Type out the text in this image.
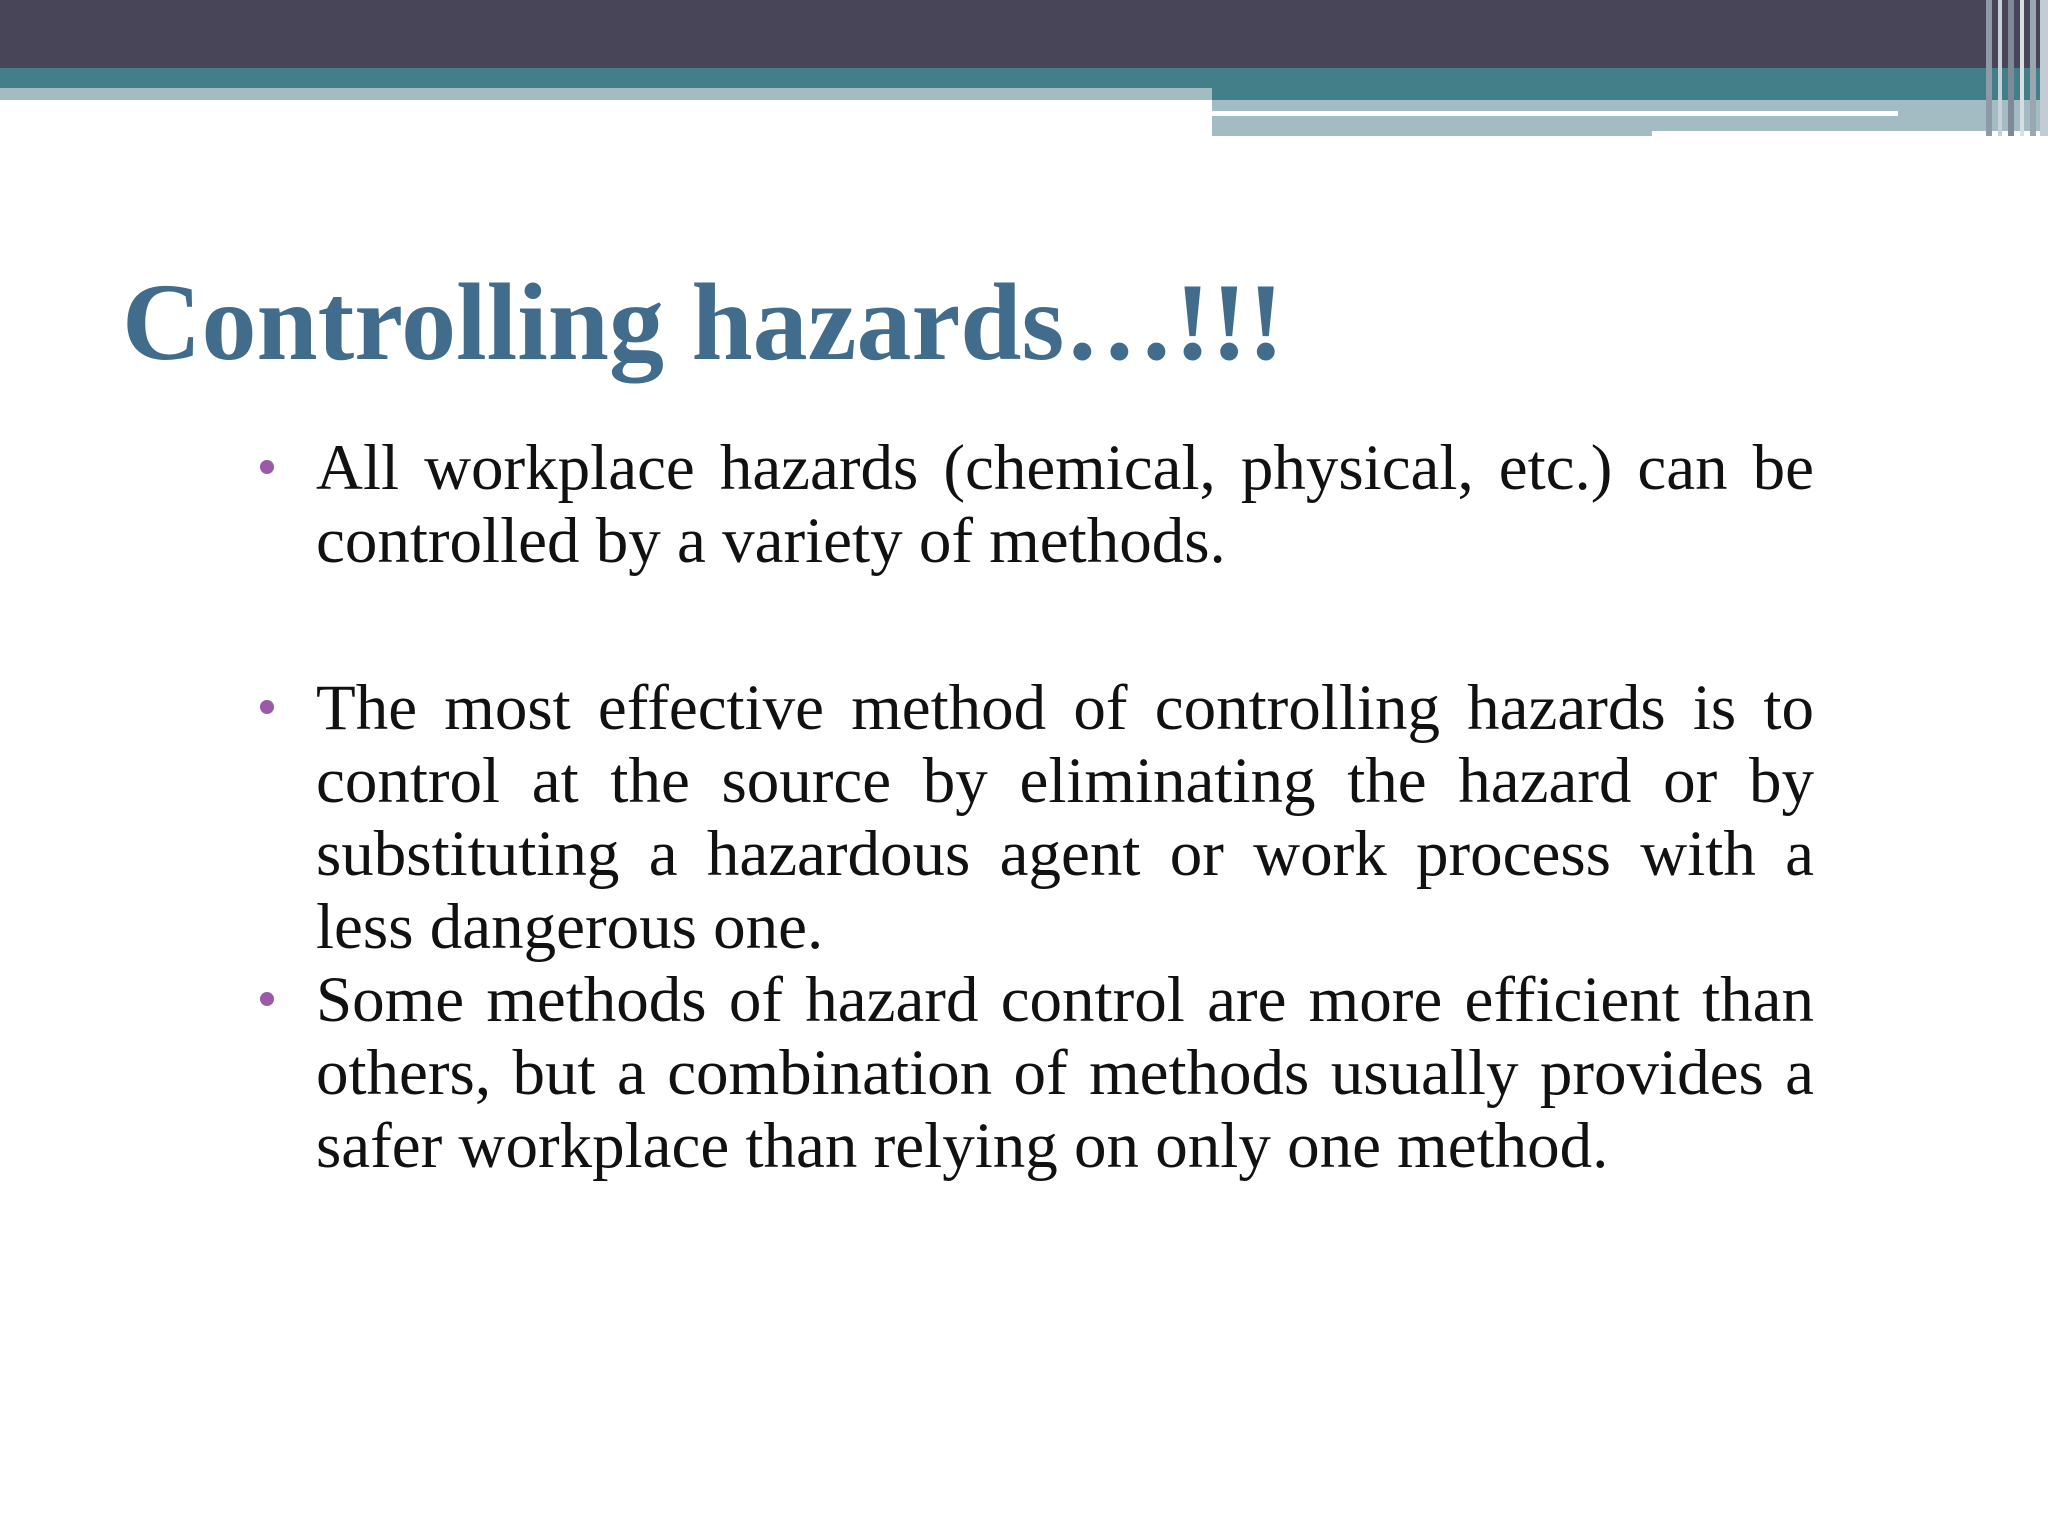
Controlling hazards…!!!
All workplace hazards (chemical, physical, etc.) can be controlled by a variety of methods.
The most effective method of controlling hazards is to control at the source by eliminating the hazard or by substituting a hazardous agent or work process with a less dangerous one.
Some methods of hazard control are more efficient than others, but a combination of methods usually provides a safer workplace than relying on only one method.
